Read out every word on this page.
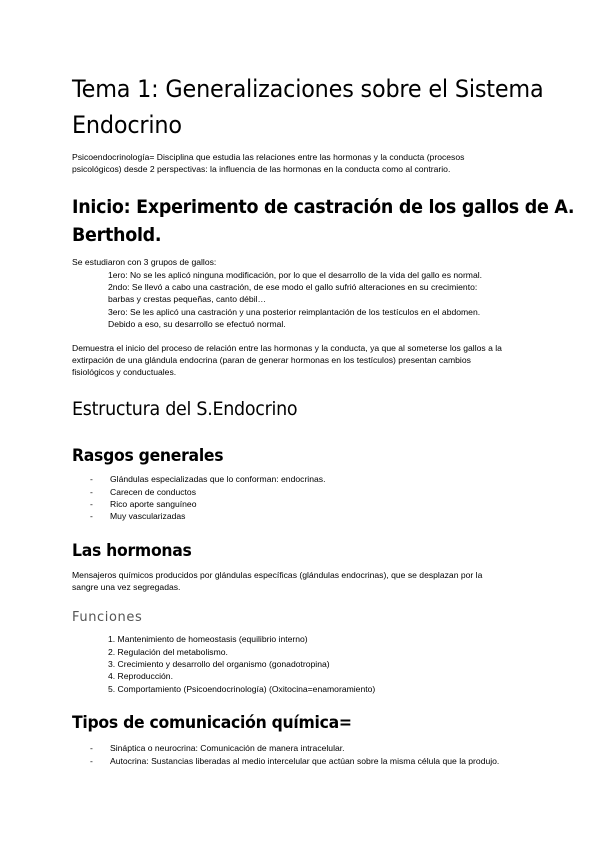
Tema 1: Generalizaciones sobre el Sistema
Endocrino
Psicoendocrinología= Disciplina que estudia las relaciones entre las hormonas y la conducta (procesos
psicológicos) desde 2 perspectivas: la influencia de las hormonas en la conducta como al contrario.
Inicio: Experimento de castración de los gallos de A.
Berthold.
Se estudiaron con 3 grupos de gallos:
1ero: No se les aplicó ninguna modificación, por lo que el desarrollo de la vida del gallo es normal.
2ndo: Se llevó a cabo una castración, de ese modo el gallo sufrió alteraciones en su crecimiento:
barbas y crestas pequeñas, canto débil…
3ero: Se les aplicó una castración y una posterior reimplantación de los testículos en el abdomen.
Debido a eso, su desarrollo se efectuó normal.
Demuestra el inicio del proceso de relación entre las hormonas y la conducta, ya que al someterse los gallos a la
extirpación de una glándula endocrina (paran de generar hormonas en los testículos) presentan cambios
fisiológicos y conductuales.
Estructura del S.Endocrino
Rasgos generales
- Glándulas especializadas que lo conforman: endocrinas.
- Carecen de conductos
- Rico aporte sanguíneo
- Muy vascularizadas
Las hormonas
Mensajeros químicos producidos por glándulas específicas (glándulas endocrinas), que se desplazan por la
sangre una vez segregadas.
Funciones
1. Mantenimiento de homeostasis (equilibrio interno)
2. Regulación del metabolismo.
3. Crecimiento y desarrollo del organismo (gonadotropina)
4. Reproducción.
5. Comportamiento (Psicoendocrinología) (Oxitocina=enamoramiento)
Tipos de comunicación química=
- Sináptica o neurocrina: Comunicación de manera intracelular.
- Autocrina: Sustancias liberadas al medio intercelular que actúan sobre la misma célula que la produjo.
